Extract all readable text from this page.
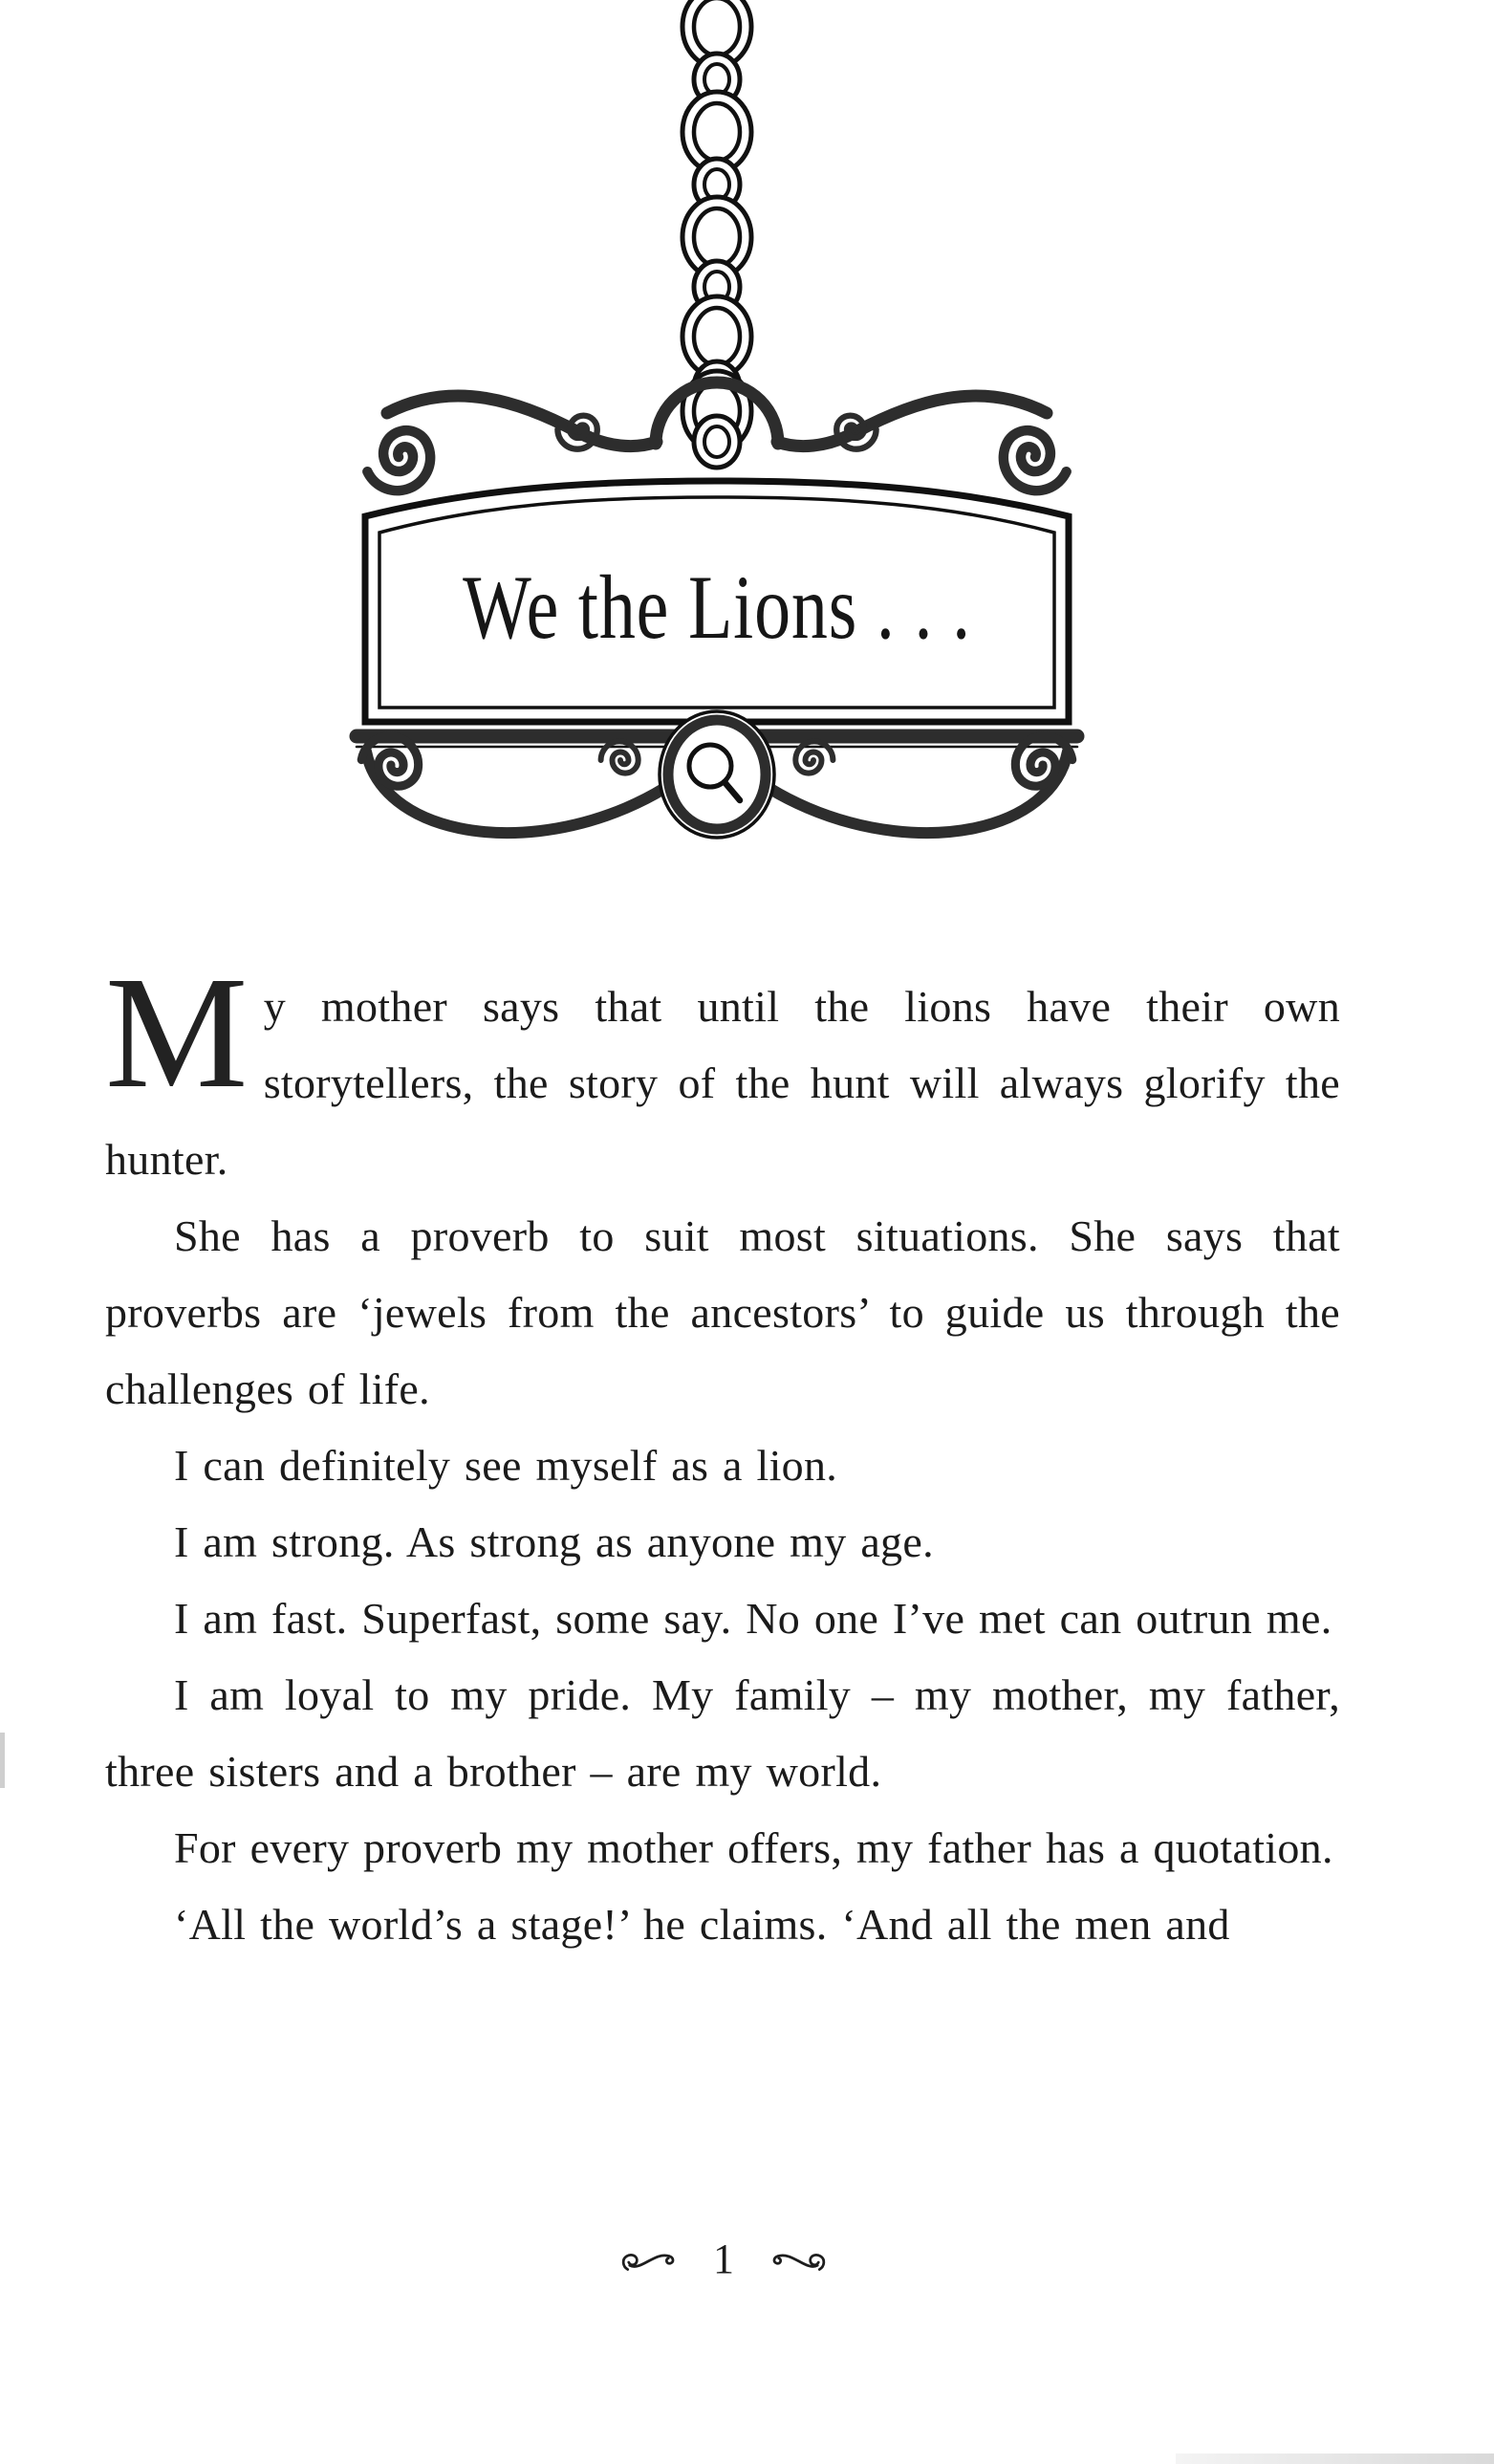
We the Lions . . .

My mother says that until the lions have their own storytellers, the story of the hunt will always glorify the hunter.

She has a proverb to suit most situations. She says that proverbs are ‘jewels from the ancestors’ to guide us through the challenges of life.

I can definitely see myself as a lion.

I am strong. As strong as anyone my age.

I am fast. Superfast, some say. No one I’ve met can outrun me.

I am loyal to my pride. My family – my mother, my father, three sisters and a brother – are my world.

For every proverb my mother offers, my father has a quotation.

‘All the world’s a stage!’ he claims. ‘And all the men and

1
